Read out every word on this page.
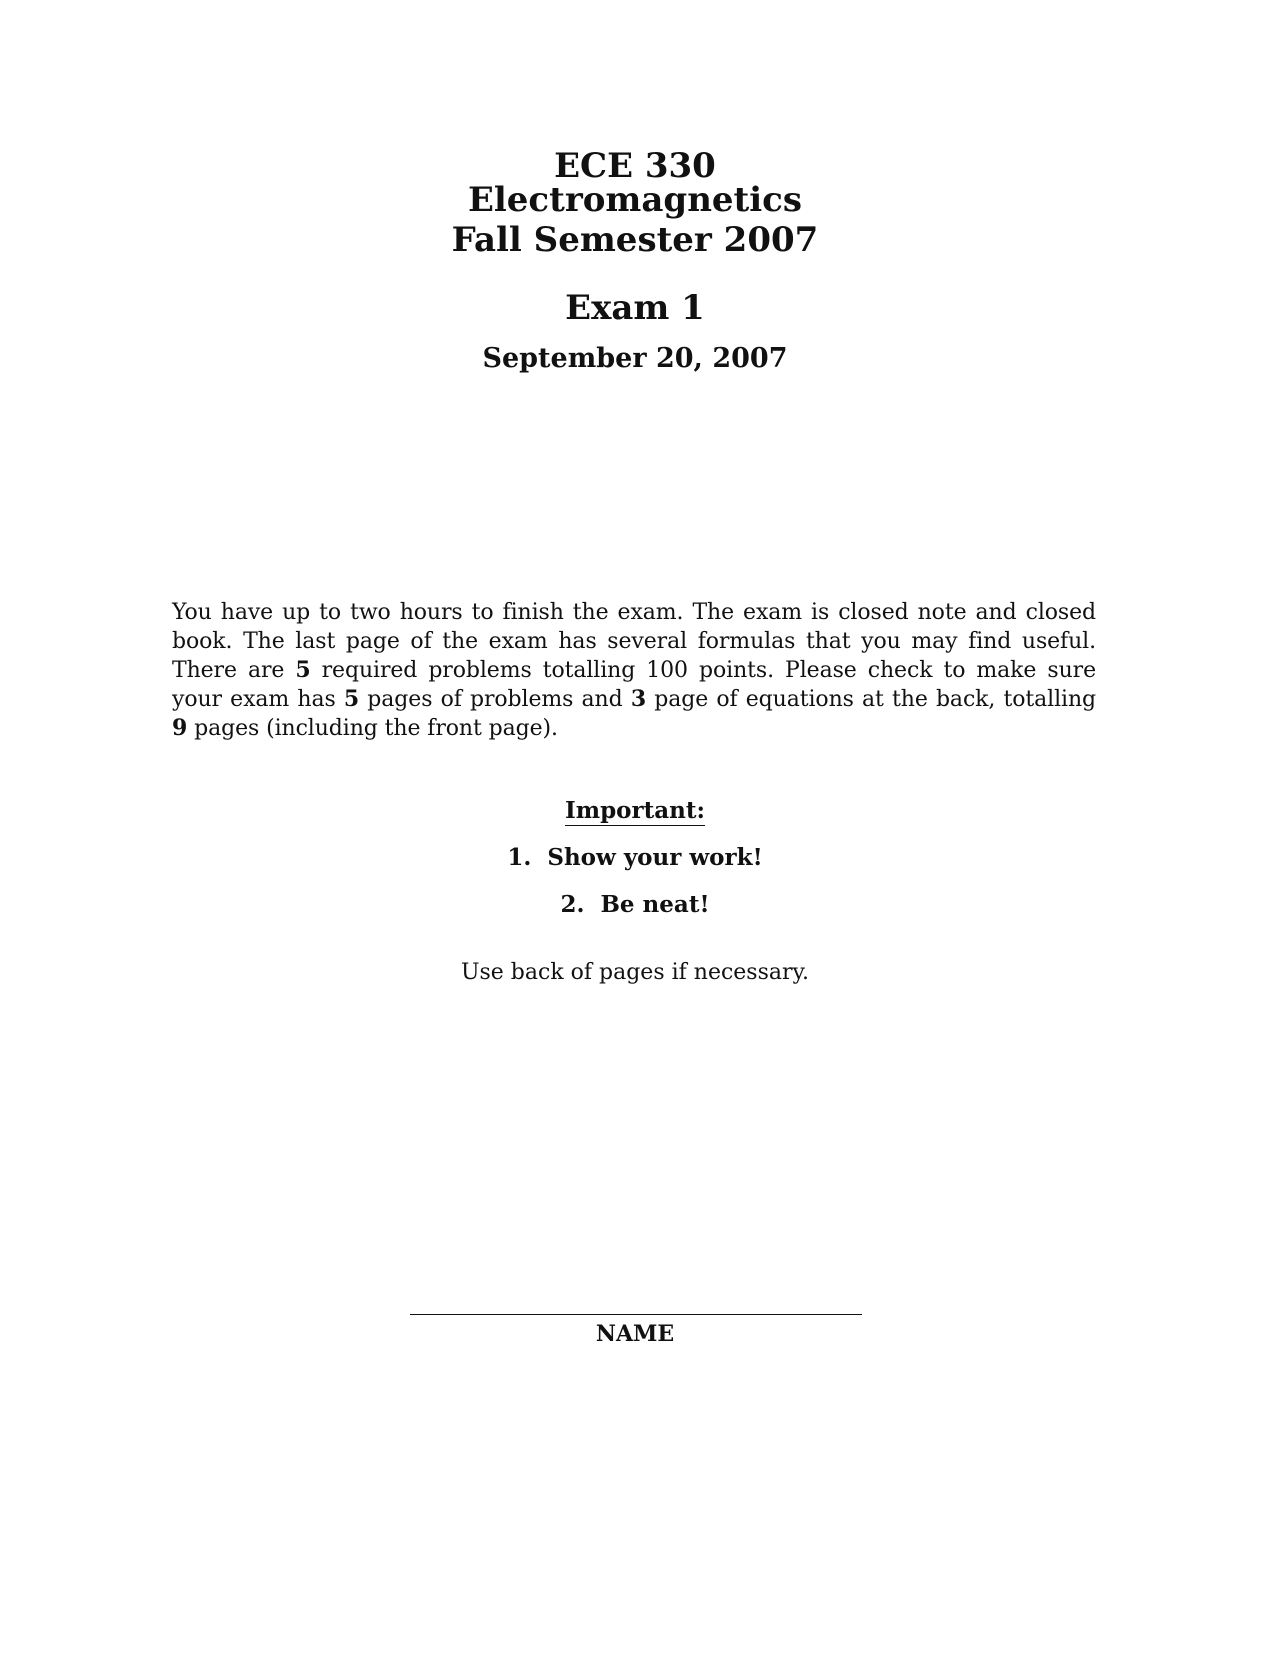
ECE 330
Electromagnetics
Fall Semester 2007
Exam 1
September 20, 2007
You have up to two hours to finish the exam. The exam is closed note and closed book. The last page of the exam has several formulas that you may find useful. There are 5 required problems totalling 100 points. Please check to make sure your exam has 5 pages of problems and 3 page of equations at the back, totalling 9 pages (including the front page).
Important:
1.  Show your work!
2.  Be neat!
Use back of pages if necessary.
NAME
